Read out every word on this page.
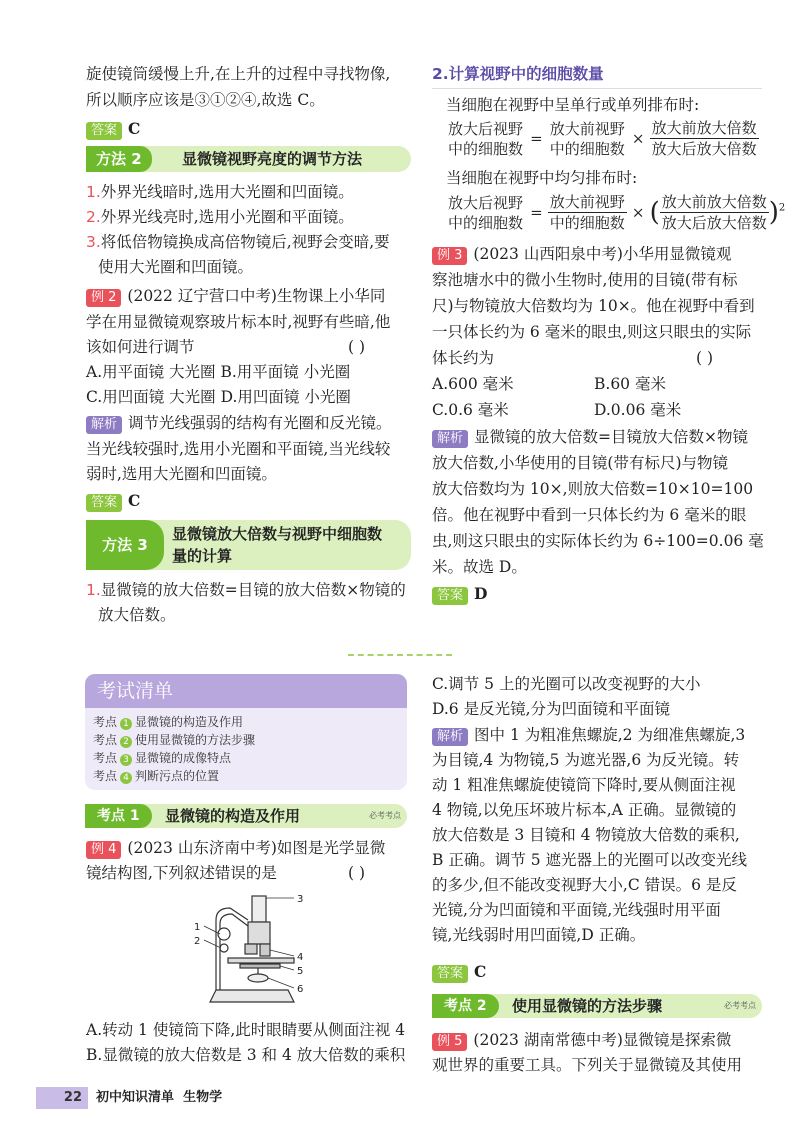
旋使镜筒缓慢上升,在上升的过程中寻找物像,
所以顺序应该是③①②④,故选 C。
答案 C
方法 2	显微镜视野亮度的调节方法
1.外界光线暗时,选用大光圈和凹面镜。
2.外界光线亮时,选用小光圈和平面镜。
3.将低倍物镜换成高倍物镜后,视野会变暗,要
使用大光圈和凹面镜。
例 2 (2022 辽宁营口中考)生物课上小华同
学在用显微镜观察玻片标本时,视野有些暗,他
该如何进行调节	( )
A.用平面镜 大光圈 B.用平面镜 小光圈
C.用凹面镜 大光圈 D.用凹面镜 小光圈
解析 调节光线强弱的结构有光圈和反光镜。
当光线较强时,选用小光圈和平面镜,当光线较
弱时,选用大光圈和凹面镜。
答案 C
方法 3
显微镜放大倍数与视野中细胞数
量的计算
1.显微镜的放大倍数=目镜的放大倍数×物镜的
放大倍数。
2.计算视野中的细胞数量
当细胞在视野中呈单行或单列排布时:
放大后视野
中的细胞数
=
放大前视野
中的细胞数
× $\frac{\text{放大前放大倍数}}{\text{放大后放大倍数}}$
当细胞在视野中均匀排布时:
放大后视野
中的细胞数
= $\frac{\text{放大前视野}}{\text{中的细胞数}}$ × ( $\frac{\text{放大前放大倍数}}{\text{放大后放大倍数}} )^2$
例 3 (2023 山西阳泉中考)小华用显微镜观
察池塘水中的微小生物时,使用的目镜(带有标
尺)与物镜放大倍数均为 10×。他在视野中看到
一只体长约为 6 毫米的眼虫,则这只眼虫的实际
体长约为	( )
A.600 毫米	B.60 毫米
C.0.6 毫米	D.0.06 毫米
解析 显微镜的放大倍数=目镜放大倍数×物镜
放大倍数,小华使用的目镜(带有标尺)与物镜
放大倍数均为 10×,则放大倍数=10×10=100
倍。他在视野中看到一只体长约为 6 毫米的眼
虫,则这只眼虫的实际体长约为 6÷100=0.06 毫
米。故选 D。
答案 D
考试清单
考点 1 显微镜的构造及作用
考点 2 使用显微镜的方法步骤
考点 3 显微镜的成像特点
考点 4 判断污点的位置
考点 1	显微镜的构造及作用	必考考点
例 4 (2023 山东济南中考)如图是光学显微
镜结构图,下列叙述错误的是	( )
1
2
3
4
5
6
A.转动 1 使镜筒下降,此时眼睛要从侧面注视 4
B.显微镜的放大倍数是 3 和 4 放大倍数的乘积
C.调节 5 上的光圈可以改变视野的大小
D.6 是反光镜,分为凹面镜和平面镜
解析 图中 1 为粗准焦螺旋,2 为细准焦螺旋,3
为目镜,4 为物镜,5 为遮光器,6 为反光镜。转
动 1 粗准焦螺旋使镜筒下降时,要从侧面注视
4 物镜,以免压坏玻片标本,A 正确。显微镜的
放大倍数是 3 目镜和 4 物镜放大倍数的乘积,
B 正确。调节 5 遮光器上的光圈可以改变光线
的多少,但不能改变视野大小,C 错误。6 是反
光镜,分为凹面镜和平面镜,光线强时用平面
镜,光线弱时用凹面镜,D 正确。
答案 C
考点 2	使用显微镜的方法步骤	必考考点
例 5 (2023 湖南常德中考)显微镜是探索微
观世界的重要工具。下列关于显微镜及其使用
22	初中知识清单 生物学
